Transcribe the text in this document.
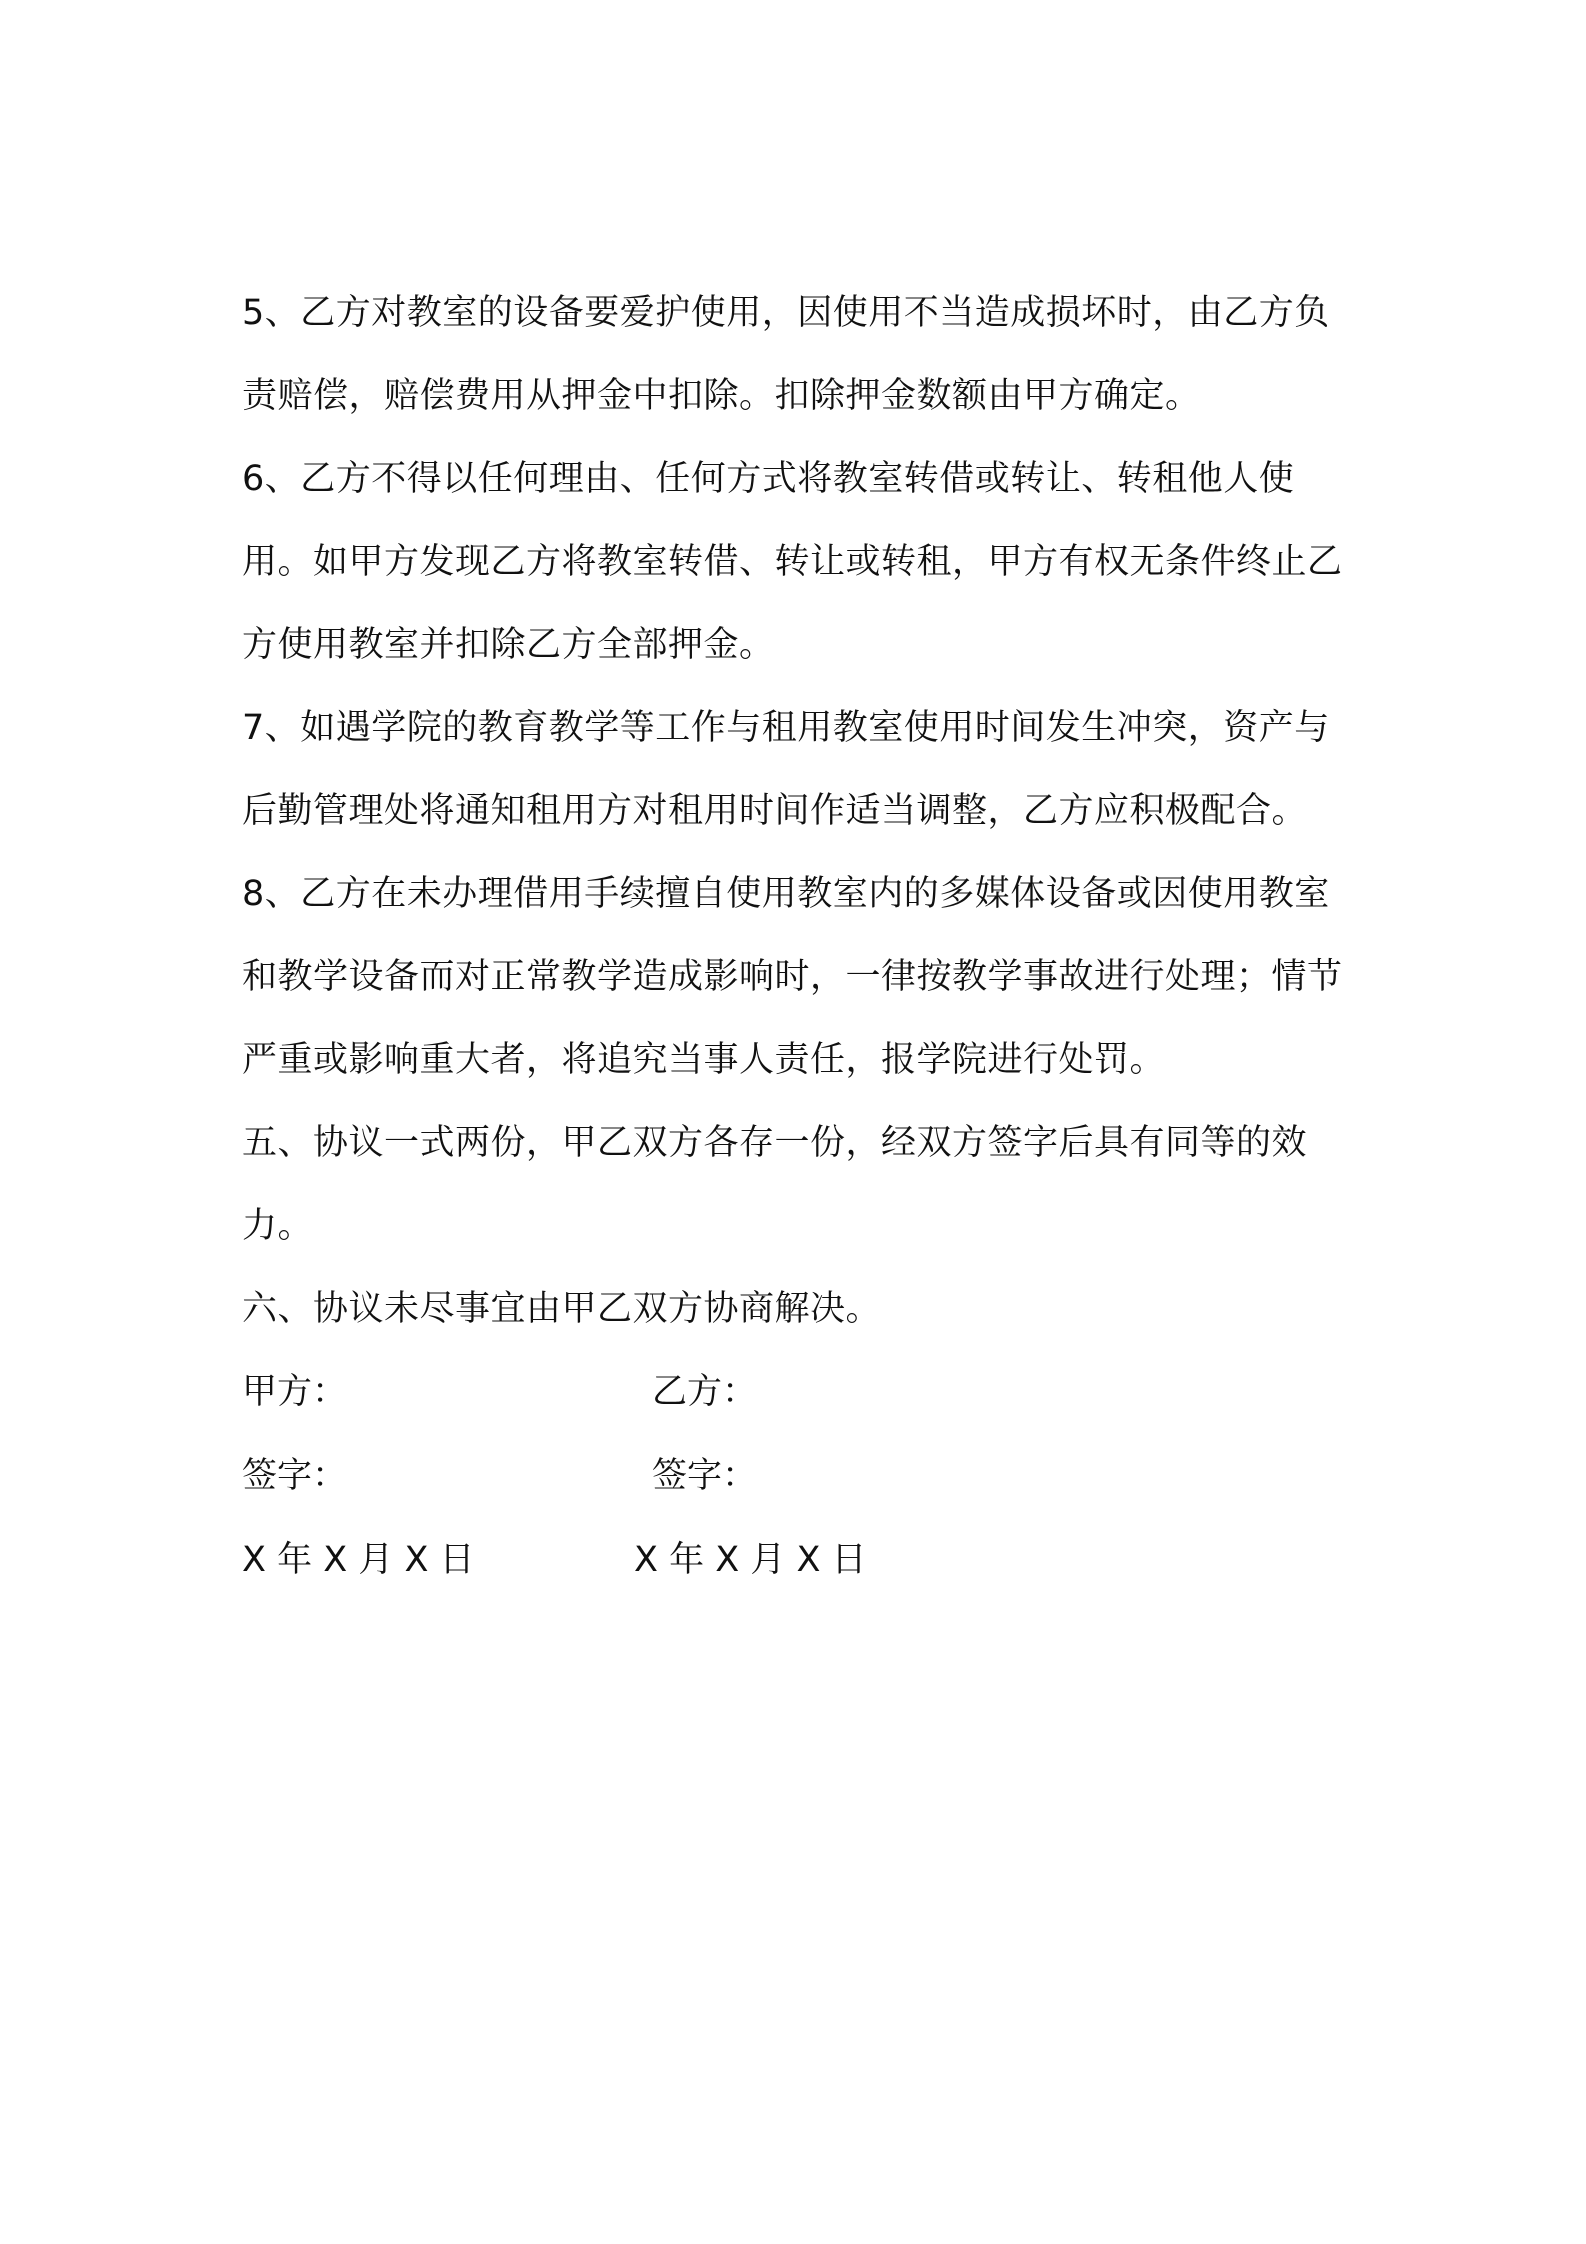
5、乙方对教室的设备要爱护使用，因使用不当造成损坏时，由乙方负责赔偿，赔偿费用从押金中扣除。扣除押金数额由甲方确定。

6、乙方不得以任何理由、任何方式将教室转借或转让、转租他人使用。如甲方发现乙方将教室转借、转让或转租，甲方有权无条件终止乙方使用教室并扣除乙方全部押金。

7、如遇学院的教育教学等工作与租用教室使用时间发生冲突，资产与后勤管理处将通知租用方对租用时间作适当调整，乙方应积极配合。

8、乙方在未办理借用手续擅自使用教室内的多媒体设备或因使用教室和教学设备而对正常教学造成影响时，一律按教学事故进行处理；情节严重或影响重大者，将追究当事人责任，报学院进行处罚。

五、协议一式两份，甲乙双方各存一份，经双方签字后具有同等的效力。

六、协议未尽事宜由甲乙双方协商解决。

甲方：	乙方：
签字：	签字：
X 年 X 月 X 日	X 年 X 月 X 日
